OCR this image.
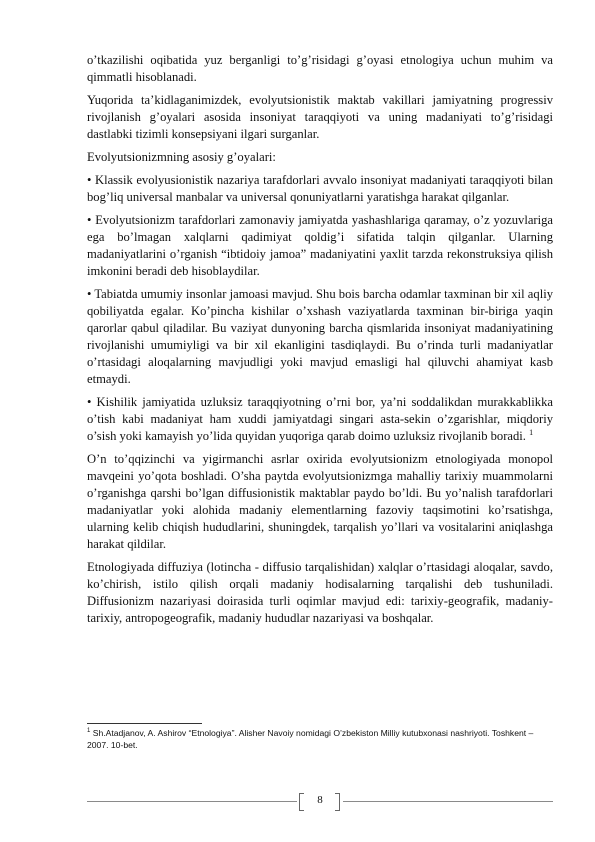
o’tkazilishi oqibatida yuz berganligi to’g’risidagi g’oyasi etnologiya uchun muhim va qimmatli hisoblanadi.

Yuqorida ta’kidlaganimizdek, evolyutsionistik maktab vakillari jamiyatning progressiv rivojlanish g’oyalari asosida insoniyat taraqqiyoti va uning madaniyati to’g’risidagi dastlabki tizimli konsepsiyani ilgari surganlar.

Evolyutsionizmning asosiy g’oyalari:

• Klassik evolyusionistik nazariya tarafdorlari avvalo insoniyat madaniyati taraqqiyoti bilan bog’liq universal manbalar va universal qonuniyatlarni yaratishga harakat qilganlar.

• Evolyutsionizm tarafdorlari zamonaviy jamiyatda yashashlariga qaramay, o’z yozuvlariga ega bo’lmagan xalqlarni qadimiyat qoldig’i sifatida talqin qilganlar. Ularning madaniyatlarini o’rganish “ibtidoiy jamoa” madaniyatini yaxlit tarzda rekonstruksiya qilish imkonini beradi deb hisoblaydilar.

• Tabiatda umumiy insonlar jamoasi mavjud. Shu bois barcha odamlar taxminan bir xil aqliy qobiliyatda egalar. Ko’pincha kishilar o’xshash vaziyatlarda taxminan bir-biriga yaqin qarorlar qabul qiladilar. Bu vaziyat dunyoning barcha qismlarida insoniyat madaniyatining rivojlanishi umumiyligi va bir xil ekanligini tasdiqlaydi. Bu o’rinda turli madaniyatlar o’rtasidagi aloqalarning mavjudligi yoki mavjud emasligi hal qiluvchi ahamiyat kasb etmaydi.

• Kishilik jamiyatida uzluksiz taraqqiyotning o’rni bor, ya’ni soddalikdan murakkablikka o’tish kabi madaniyat ham xuddi jamiyatdagi singari asta-sekin o’zgarishlar, miqdoriy o’sish yoki kamayish yo’lida quyidan yuqoriga qarab doimo uzluksiz rivojlanib boradi. $^1$

O’n to’qqizinchi va yigirmanchi asrlar oxirida evolyutsionizm etnologiyada monopol mavqeini yo’qota boshladi. O’sha paytda evolyutsionizmga mahalliy tarixiy muammolarni o’rganishga qarshi bo’lgan diffusionistik maktablar paydo bo’ldi. Bu yo’nalish tarafdorlari madaniyatlar yoki alohida madaniy elementlarning fazoviy taqsimotini ko’rsatishga, ularning kelib chiqish hududlarini, shuningdek, tarqalish yo’llari va vositalarini aniqlashga harakat qildilar.

Etnologiyada diffuziya (lotincha - diffusio tarqalishidan) xalqlar o’rtasidagi aloqalar, savdo, ko’chirish, istilo qilish orqali madaniy hodisalarning tarqalishi deb tushuniladi. Diffusionizm nazariyasi doirasida turli oqimlar mavjud edi: tarixiy-geografik, madaniy-tarixiy, antropogeografik, madaniy hududlar nazariyasi va boshqalar.

$^1$ Sh.Atadjanov, A. Ashirov “Etnologiya”. Alisher Navoiy nomidagi O’zbekiston Milliy kutubxonasi nashriyoti. Toshkent – 2007. 10-bet.
8
